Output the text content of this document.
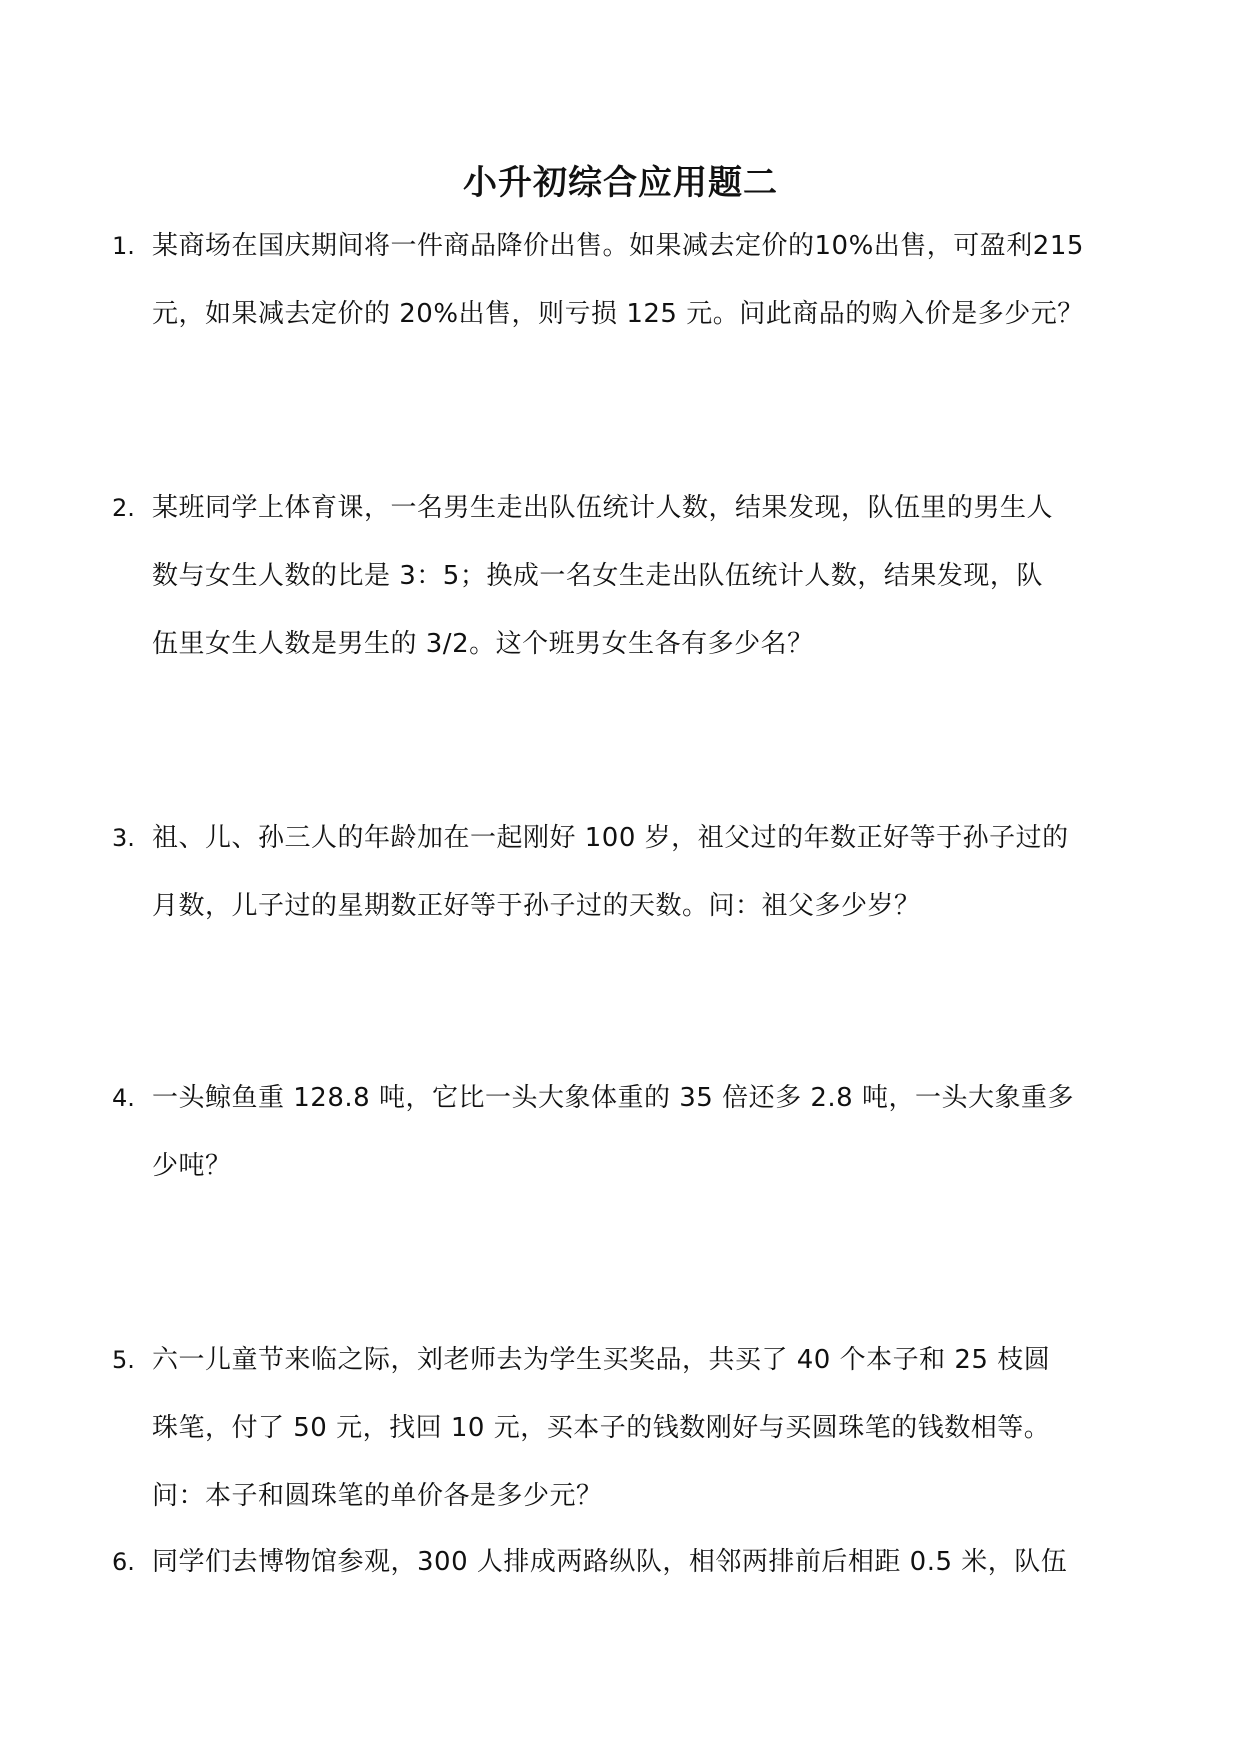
小升初综合应用题二
1. 某商场在国庆期间将一件商品降价出售。如果减去定价的10%出售，可盈利215
元，如果减去定价的 20%出售，则亏损 125 元。问此商品的购入价是多少元？
2. 某班同学上体育课，一名男生走出队伍统计人数，结果发现，队伍里的男生人
数与女生人数的比是 3：5；换成一名女生走出队伍统计人数，结果发现，队
伍里女生人数是男生的 3/2。这个班男女生各有多少名？
3. 祖、儿、孙三人的年龄加在一起刚好 100 岁，祖父过的年数正好等于孙子过的
月数，儿子过的星期数正好等于孙子过的天数。问：祖父多少岁？
4. 一头鲸鱼重 128.8 吨，它比一头大象体重的 35 倍还多 2.8 吨，一头大象重多
少吨？
5. 六一儿童节来临之际，刘老师去为学生买奖品，共买了 40 个本子和 25 枝圆
珠笔，付了 50 元，找回 10 元，买本子的钱数刚好与买圆珠笔的钱数相等。
问：本子和圆珠笔的单价各是多少元？
6. 同学们去博物馆参观，300 人排成两路纵队，相邻两排前后相距 0.5 米，队伍
